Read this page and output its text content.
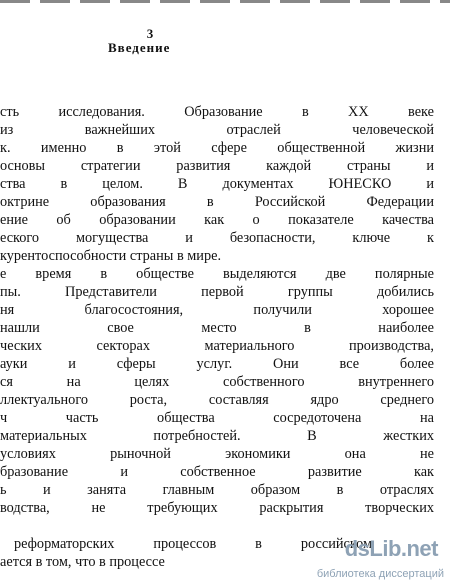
3
Введение
сть исследования. Образование в XX веке
из важнейших отраслей человеческой
к. именно в этой сфере общественной жизни
основы стратегии развития каждой страны и
ства в целом. В документах ЮНЕСКО и
октрине образования в Российской Федерации
ение об образовании как о показателе качества
еского могущества и безопасности, ключе к
курентоспособности страны в мире.
е время в обществе выделяются две полярные
пы. Представители первой группы добились
ня благосостояния, получили хорошее
нашли свое место в наиболее
ческих секторах материального производства,
ауки и сферы услуг. Они все более
ся на целях собственного внутреннего
ллектуального роста, составляя ядро среднего
ч часть общества сосредоточена на
материальных потребностей. В жестких
условиях рыночной экономики она не
бразование и собственное развитие как
ь и занята главным образом в отраслях
водства, не требующих раскрытия творческих
реформаторских процессов в российском
ается в том, что в процессе
dsLib.net
библиотека диссертаций
